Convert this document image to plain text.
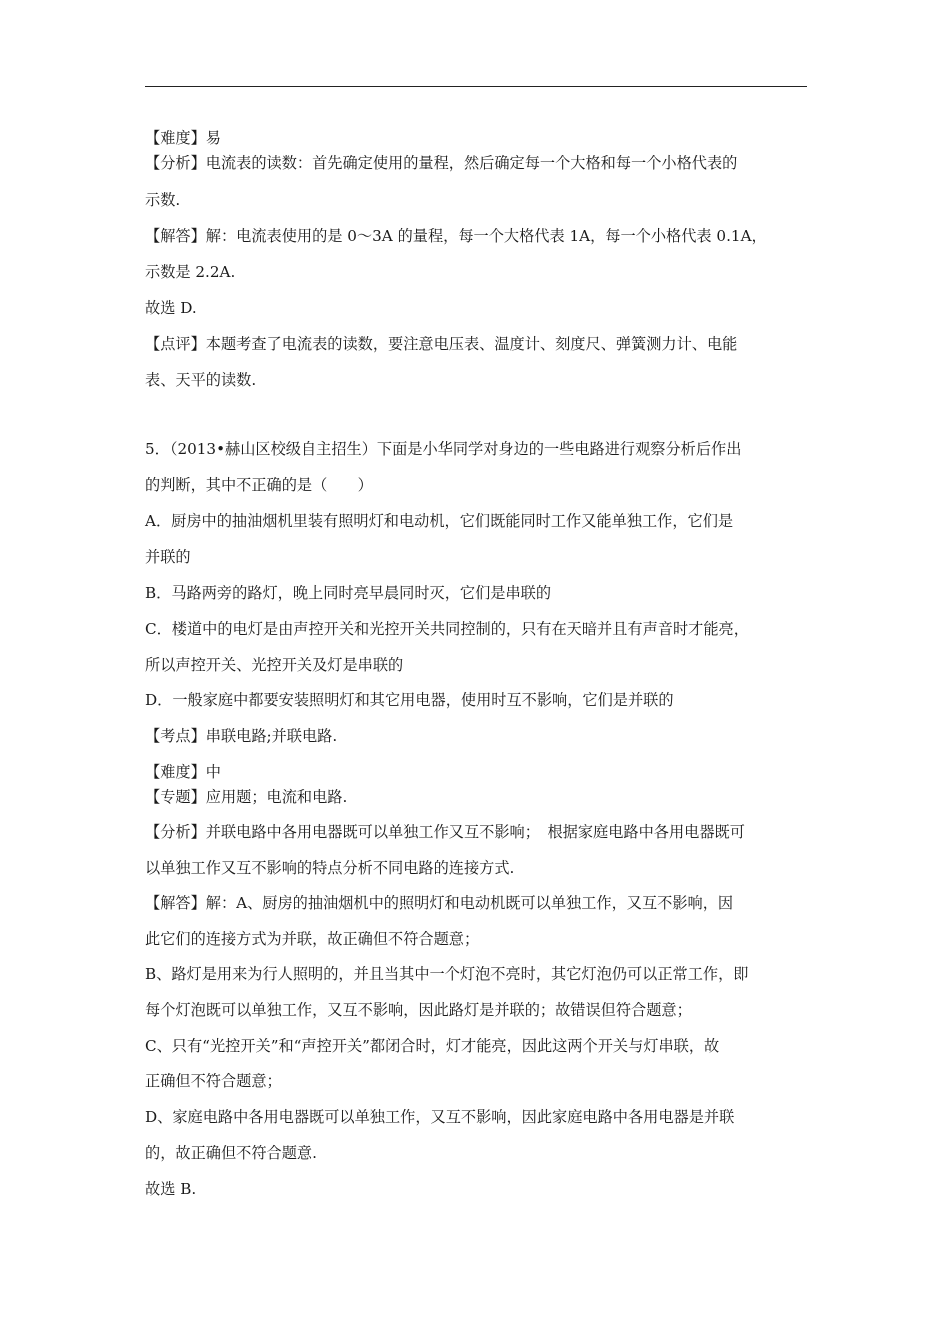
【难度】易
【分析】电流表的读数：首先确定使用的量程，然后确定每一个大格和每一个小格代表的
示数.
【解答】解：电流表使用的是 0～3A 的量程，每一个大格代表 1A，每一个小格代表 0.1A，
示数是 2.2A.
故选 D.
【点评】本题考查了电流表的读数，要注意电压表、温度计、刻度尺、弹簧测力计、电能
表、天平的读数.
5．（2013•赫山区校级自主招生）下面是小华同学对身边的一些电路进行观察分析后作出
的判断，其中不正确的是（　　）
A．厨房中的抽油烟机里装有照明灯和电动机，它们既能同时工作又能单独工作，它们是
并联的
B．马路两旁的路灯，晚上同时亮早晨同时灭，它们是串联的
C．楼道中的电灯是由声控开关和光控开关共同控制的，只有在天暗并且有声音时才能亮，
所以声控开关、光控开关及灯是串联的
D．一般家庭中都要安装照明灯和其它用电器，使用时互不影响，它们是并联的
【考点】串联电路;并联电路.
【难度】中
【专题】应用题；电流和电路.
【分析】并联电路中各用电器既可以单独工作又互不影响；　根据家庭电路中各用电器既可
以单独工作又互不影响的特点分析不同电路的连接方式.
【解答】解：A、厨房的抽油烟机中的照明灯和电动机既可以单独工作，又互不影响，因
此它们的连接方式为并联，故正确但不符合题意；
B、路灯是用来为行人照明的，并且当其中一个灯泡不亮时，其它灯泡仍可以正常工作，即
每个灯泡既可以单独工作，又互不影响，因此路灯是并联的；故错误但符合题意；
C、只有“光控开关”和“声控开关”都闭合时，灯才能亮，因此这两个开关与灯串联，故
正确但不符合题意；
D、家庭电路中各用电器既可以单独工作，又互不影响，因此家庭电路中各用电器是并联
的，故正确但不符合题意.
故选 B.
